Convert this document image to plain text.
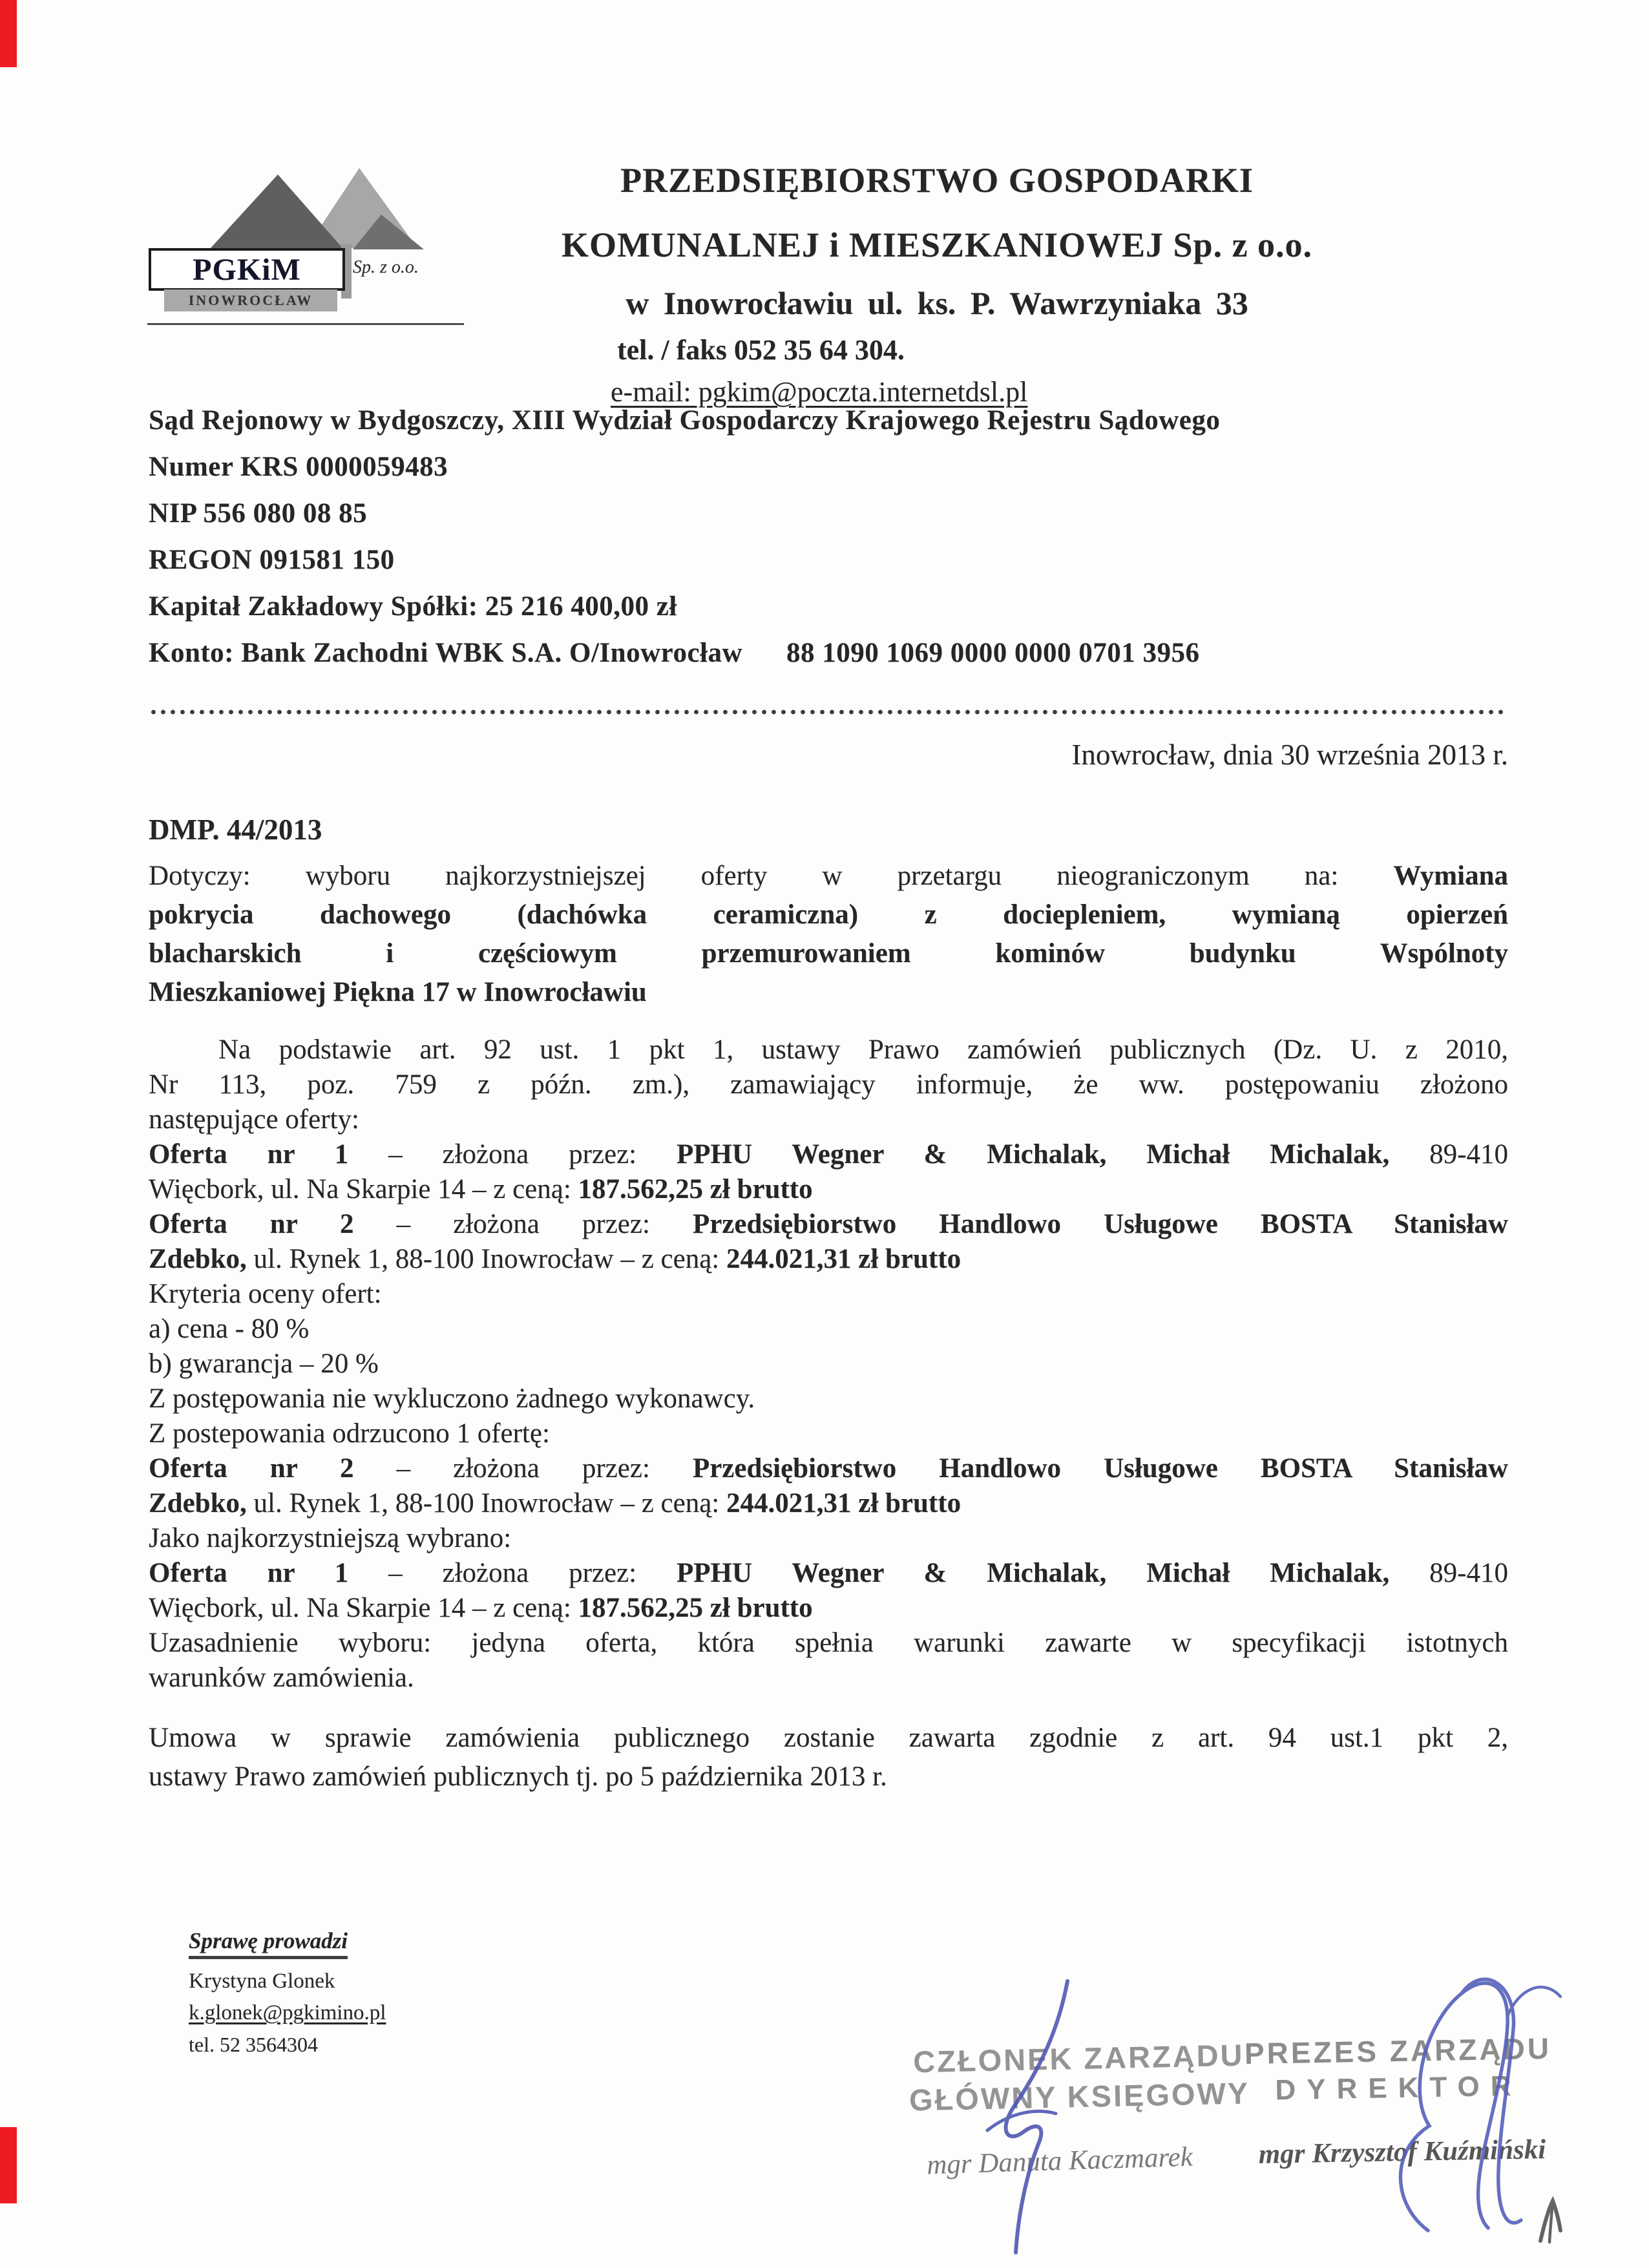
PGKiM	Sp. z o.o.
INOWROCŁAW
PRZEDSIĘBIORSTWO GOSPODARKI
KOMUNALNEJ i MIESZKANIOWEJ Sp. z o.o.
w Inowrocławiu ul. ks. P. Wawrzyniaka 33
tel. / faks 052 35 64 304.
e-mail: pgkim@poczta.internetdsl.pl
Sąd Rejonowy w Bydgoszczy, XIII Wydział Gospodarczy Krajowego Rejestru Sądowego
Numer KRS 0000059483
NIP 556 080 08 85
REGON 091581 150
Kapitał Zakładowy Spółki: 25 216 400,00 zł
Konto: Bank Zachodni WBK S.A. O/Inowrocław 88 1090 1069 0000 0000 0701 3956
Inowrocław, dnia 30 września 2013 r.
DMP. 44/2013
Dotyczy: wyboru najkorzystniejszej oferty w przetargu nieograniczonym na: Wymiana
pokrycia dachowego (dachówka ceramiczna) z dociepleniem, wymianą opierzeń
blacharskich i częściowym przemurowaniem kominów budynku Wspólnoty
Mieszkaniowej Piękna 17 w Inowrocławiu
Na podstawie art. 92 ust. 1 pkt 1, ustawy Prawo zamówień publicznych (Dz. U. z 2010,
Nr 113, poz. 759 z późn. zm.), zamawiający informuje, że ww. postępowaniu złożono
następujące oferty:
Oferta nr 1 – złożona przez: PPHU Wegner & Michalak, Michał Michalak, 89-410
Więcbork, ul. Na Skarpie 14 – z ceną: 187.562,25 zł brutto
Oferta nr 2 – złożona przez: Przedsiębiorstwo Handlowo Usługowe BOSTA Stanisław
Zdebko, ul. Rynek 1, 88-100 Inowrocław – z ceną: 244.021,31 zł brutto
Kryteria oceny ofert:
a) cena - 80 %
b) gwarancja – 20 %
Z postępowania nie wykluczono żadnego wykonawcy.
Z postepowania odrzucono 1 ofertę:
Oferta nr 2 – złożona przez: Przedsiębiorstwo Handlowo Usługowe BOSTA Stanisław
Zdebko, ul. Rynek 1, 88-100 Inowrocław – z ceną: 244.021,31 zł brutto
Jako najkorzystniejszą wybrano:
Oferta nr 1 – złożona przez: PPHU Wegner & Michalak, Michał Michalak, 89-410
Więcbork, ul. Na Skarpie 14 – z ceną: 187.562,25 zł brutto
Uzasadnienie wyboru: jedyna oferta, która spełnia warunki zawarte w specyfikacji istotnych
warunków zamówienia.
Umowa w sprawie zamówienia publicznego zostanie zawarta zgodnie z art. 94 ust.1 pkt 2,
ustawy Prawo zamówień publicznych tj. po 5 października 2013 r.
Sprawę prowadzi
Krystyna Glonek
k.glonek@pgkimino.pl
tel. 52 3564304	CZŁONEK ZARZĄDU
GŁÓWNY KSIĘGOWY
mgr Danuta Kaczmarek
PREZES ZARZĄDU
DYREKTOR
mgr Krzysztof Kuźmiński
